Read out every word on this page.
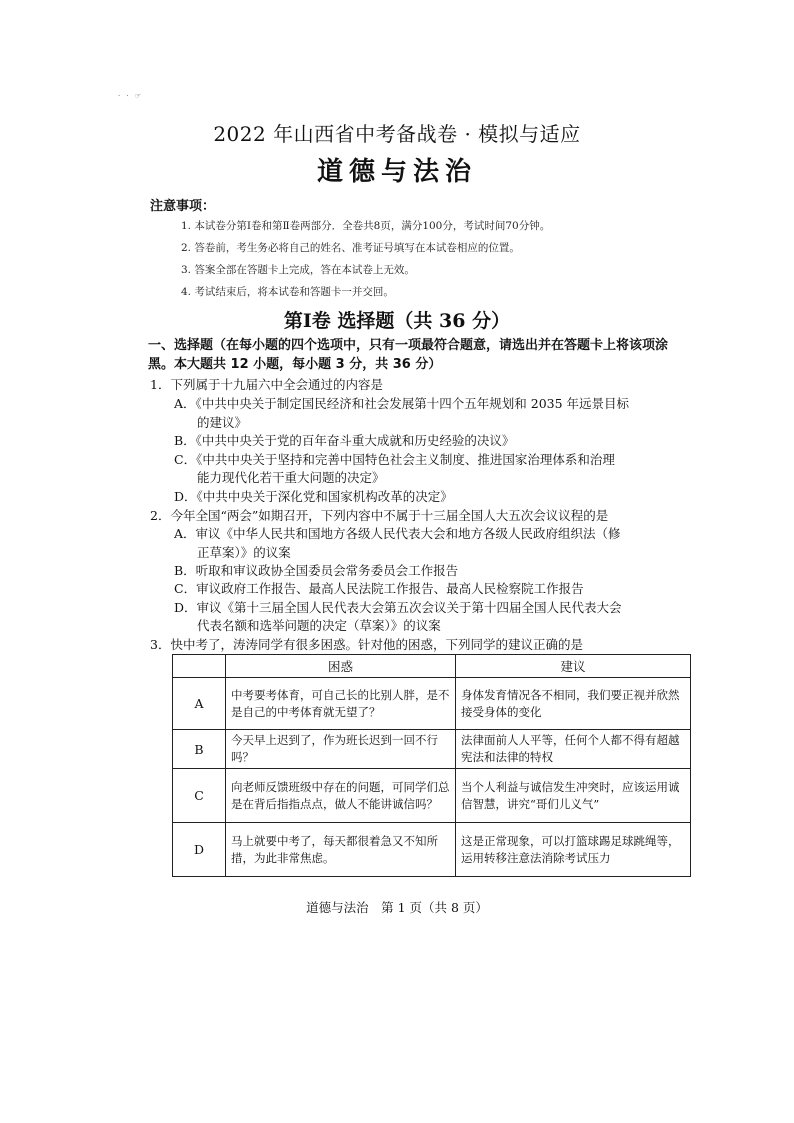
· · ☞
2022 年山西省中考备战卷 · 模拟与适应
道德与法治
注意事项：
1. 本试卷分第Ⅰ卷和第Ⅱ卷两部分．全卷共8页，满分100分，考试时间70分钟。
2. 答卷前，考生务必将自己的姓名、准考证号填写在本试卷相应的位置。
3. 答案全部在答题卡上完成，答在本试卷上无效。
4. 考试结束后，将本试卷和答题卡一并交回。
第Ⅰ卷 选择题（共 36 分）
一、选择题（在每小题的四个选项中，只有一项最符合题意，请选出并在答题卡上将该项涂黑。本大题共 12 小题，每小题 3 分，共 36 分）
1．下列属于十九届六中全会通过的内容是
A．《中共中央关于制定国民经济和社会发展第十四个五年规划和 2035 年远景目标
的建议》
B．《中共中央关于党的百年奋斗重大成就和历史经验的决议》
C．《中共中央关于坚持和完善中国特色社会主义制度、推进国家治理体系和治理
能力现代化若干重大问题的决定》
D．《中共中央关于深化党和国家机构改革的决定》
2．今年全国“两会”如期召开，下列内容中不属于十三届全国人大五次会议议程的是
A．审议《中华人民共和国地方各级人民代表大会和地方各级人民政府组织法（修
正草案）》的议案
B．听取和审议政协全国委员会常务委员会工作报告
C．审议政府工作报告、最高人民法院工作报告、最高人民检察院工作报告
D．审议《第十三届全国人民代表大会第五次会议关于第十四届全国人民代表大会
代表名额和选举问题的决定（草案）》的议案
3．快中考了，涛涛同学有很多困惑。针对他的困惑，下列同学的建议正确的是
	困惑	建议
A	中考要考体育，可自己长的比别人胖，是不是自己的中考体育就无望了？	身体发育情况各不相同，我们要正视并欣然接受身体的变化
B	今天早上迟到了，作为班长迟到一回不行吗？	法律面前人人平等，任何个人都不得有超越宪法和法律的特权
C	向老师反馈班级中存在的问题，可同学们总是在背后指指点点，做人不能讲诚信吗？	当个人利益与诚信发生冲突时，应该运用诚信智慧，讲究“哥们儿义气”
D	马上就要中考了，每天都很着急又不知所措，为此非常焦虑。	这是正常现象，可以打篮球踢足球跳绳等，运用转移注意法消除考试压力
道德与法治　第 1 页（共 8 页）
